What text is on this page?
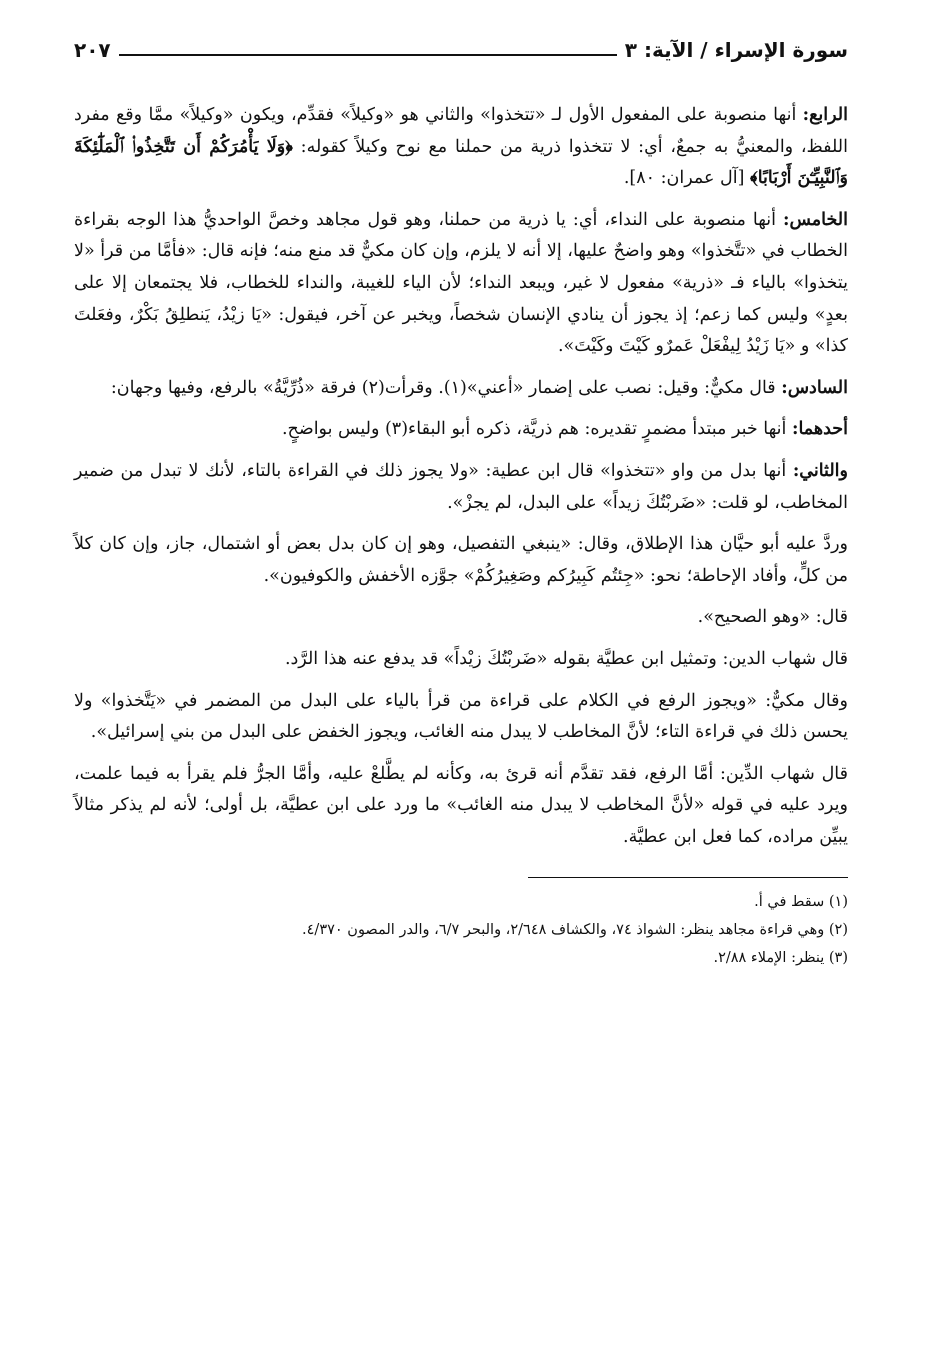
سورة الإسراء / الآية: ٣
٢٠٧

الرابع: أنها منصوبة على المفعول الأول لـ «تتخذوا» والثاني هو «وكيلاً» فقدِّم، ويكون «وكيلاً» ممَّا وقع مفرد اللفظ، والمعنيُّ به جمعٌ، أي: لا تتخذوا ذرية من حملنا مع نوح وكيلاً كقوله: ﴿وَلَا يَأْمُرَكُمْ أَن تَتَّخِذُوا۟ ٱلْمَلَٰٓئِكَةَ وَٱلنَّبِيِّـۧنَ أَرْبَابًا﴾ [آل عمران: ٨٠].

الخامس: أنها منصوبة على النداء، أي: يا ذرية من حملنا، وهو قول مجاهد وخصَّ الواحديُّ هذا الوجه بقراءة الخطاب في «تتَّخذوا» وهو واضحٌ عليها، إلا أنه لا يلزم، وإن كان مكيٌّ قد منع منه؛ فإنه قال: «فأمَّا من قرأ «لا يتخذوا» بالياء فـ «ذرية» مفعول لا غير، ويبعد النداء؛ لأن الياء للغيبة، والنداء للخطاب، فلا يجتمعان إلا على بعدٍ» وليس كما زعم؛ إذ يجوز أن ينادي الإنسان شخصاً، ويخبر عن آخر، فيقول: «يَا زيْدُ، يَنطلِقُ بَكْرٌ، وفعَلتَ كذا» و «يَا زَيْدُ لِيفْعَلْ عَمرٌو كَيْتَ وكَيْتَ».

السادس: قال مكيٌّ: وقيل: نصب على إضمار «أعني»(١). وقرأت(٢) فرقة «ذُرِّيَّةُ» بالرفع، وفيها وجهان:

أحدهما: أنها خبر مبتدأ مضمرٍ تقديره: هم ذريَّة، ذكره أبو البقاء(٣) وليس بواضحٍ.

والثاني: أنها بدل من واو «تتخذوا» قال ابن عطية: «ولا يجوز ذلك في القراءة بالتاء، لأنك لا تبدل من ضمير المخاطب، لو قلت: «ضَربْتُكَ زيداً» على البدل، لم يجزْ».

وردَّ عليه أبو حيَّان هذا الإطلاق، وقال: «ينبغي التفصيل، وهو إن كان بدل بعض أو اشتمال، جاز، وإن كان كلاً من كلٍّ، وأفاد الإحاطة؛ نحو: «جِئتُم كَبِيرُكم وصَغِيرُكُمْ» جوَّزه الأخفش والكوفيون».

قال: «وهو الصحيح».

قال شهاب الدين: وتمثيل ابن عطيَّة بقوله «ضَربْتُكَ زيْداً» قد يدفع عنه هذا الرَّد.

وقال مكيٌّ: «ويجوز الرفع في الكلام على قراءة من قرأ بالياء على البدل من المضمر في «يَتَّخذوا» ولا يحسن ذلك في قراءة التاء؛ لأنَّ المخاطب لا يبدل منه الغائب، ويجوز الخفض على البدل من بني إسرائيل».

قال شهاب الدِّين: أمَّا الرفع، فقد تقدَّم أنه قرئ به، وكأنه لم يطَّلعْ عليه، وأمَّا الجرُّ فلم يقرأ به فيما علمت، ويرد عليه في قوله «لأنَّ المخاطب لا يبدل منه الغائب» ما ورد على ابن عطيَّة، بل أولى؛ لأنه لم يذكر مثالاً يبيِّن مراده، كما فعل ابن عطيَّة.

(١) سقط في أ.

(٢) وهي قراءة مجاهد ينظر: الشواذ ٧٤، والكشاف ٢/٦٤٨، والبحر ٦/٧، والدر المصون ٤/٣٧٠.

(٣) ينظر: الإملاء ٢/٨٨.
